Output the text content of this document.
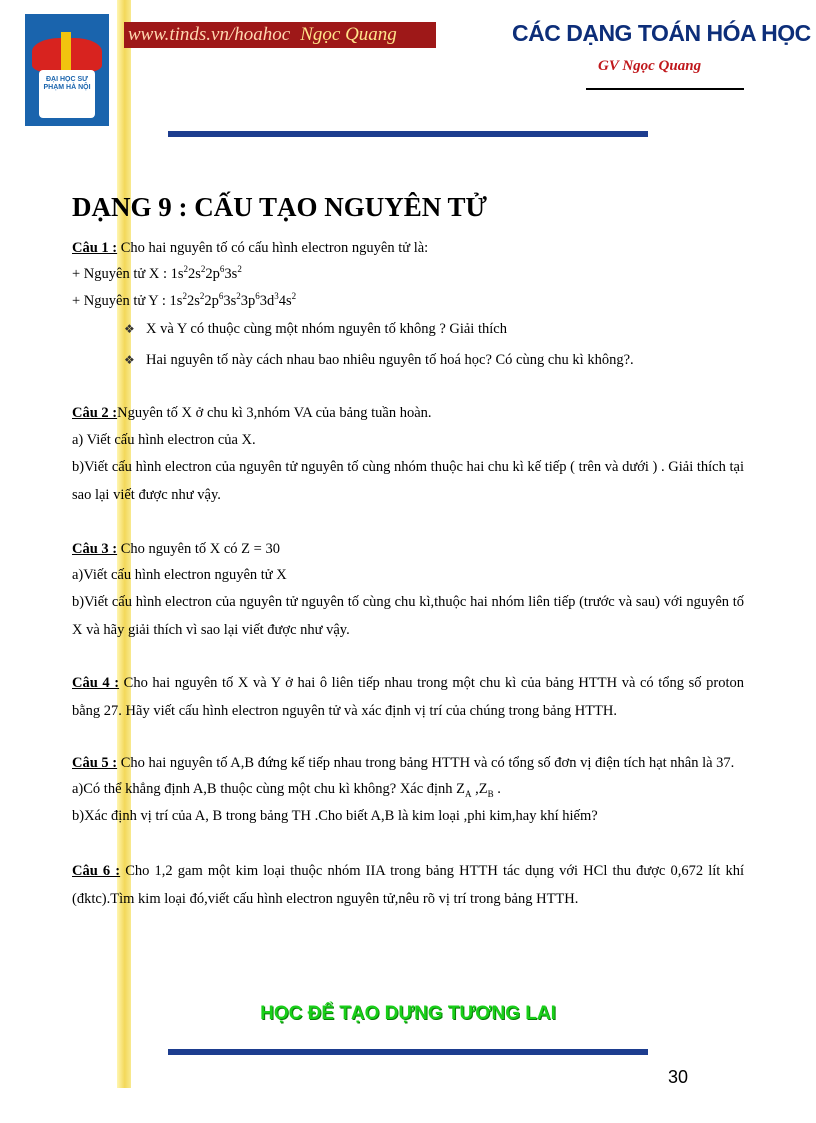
ĐẠI HỌC SƯ PHẠM HÀ NỘI
www.tinds.vn/hoahoc Ngọc Quang	CÁC DẠNG TOÁN HÓA HỌC
GV Ngọc Quang
DẠNG 9 : CẤU TẠO NGUYÊN TỬ
Câu 1 : Cho hai nguyên tố có cấu hình electron nguyên tử là:
+ Nguyên tử X : $1s^22s^22p^63s^2$
+ Nguyên tử Y : $1s^22s^22p^63s^23p^63d^34s^2$
❖ X và Y có thuộc cùng một nhóm nguyên tố không ? Giải thích
❖ Hai nguyên tố này cách nhau bao nhiêu nguyên tố hoá học? Có cùng chu kì không?.
Câu 2 :Nguyên tố X ở chu kì 3,nhóm VA của bảng tuần hoàn.
a) Viết cấu hình electron của X.
b)Viết cấu hình electron của nguyên tử nguyên tố cùng nhóm thuộc hai chu kì kế tiếp ( trên và dưới ) . Giải thích tại sao lại viết được như vậy.
Câu 3 : Cho nguyên tố X có Z = 30
a)Viết cấu hình electron nguyên tử X
b)Viết cấu hình electron của nguyên tử nguyên tố cùng chu kì,thuộc hai nhóm liên tiếp (trước và sau) với nguyên tố X và hãy giải thích vì sao lại viết được như vậy.
Câu 4 : Cho hai nguyên tố X và Y ở hai ô liên tiếp nhau trong một chu kì của bảng HTTH và có tổng số proton bằng 27. Hãy viết cấu hình electron nguyên tử và xác định vị trí của chúng trong bảng HTTH.
Câu 5 : Cho hai nguyên tố A,B đứng kế tiếp nhau trong bảng HTTH và có tổng số đơn vị điện tích hạt nhân là 37.
a)Có thể khẳng định A,B thuộc cùng một chu kì không? Xác định $Z_A$ $,Z_B$ .
b)Xác định vị trí của A, B trong bảng TH .Cho biết A,B là kim loại ,phi kim,hay khí hiếm?
Câu 6 : Cho 1,2 gam một kim loại thuộc nhóm IIA trong bảng HTTH tác dụng với HCl thu được 0,672 lít khí (đktc).Tìm kim loại đó,viết cấu hình electron nguyên tử,nêu rõ vị trí trong bảng HTTH.
HỌC ĐỂ TẠO DỰNG TƯƠNG LAI
30
